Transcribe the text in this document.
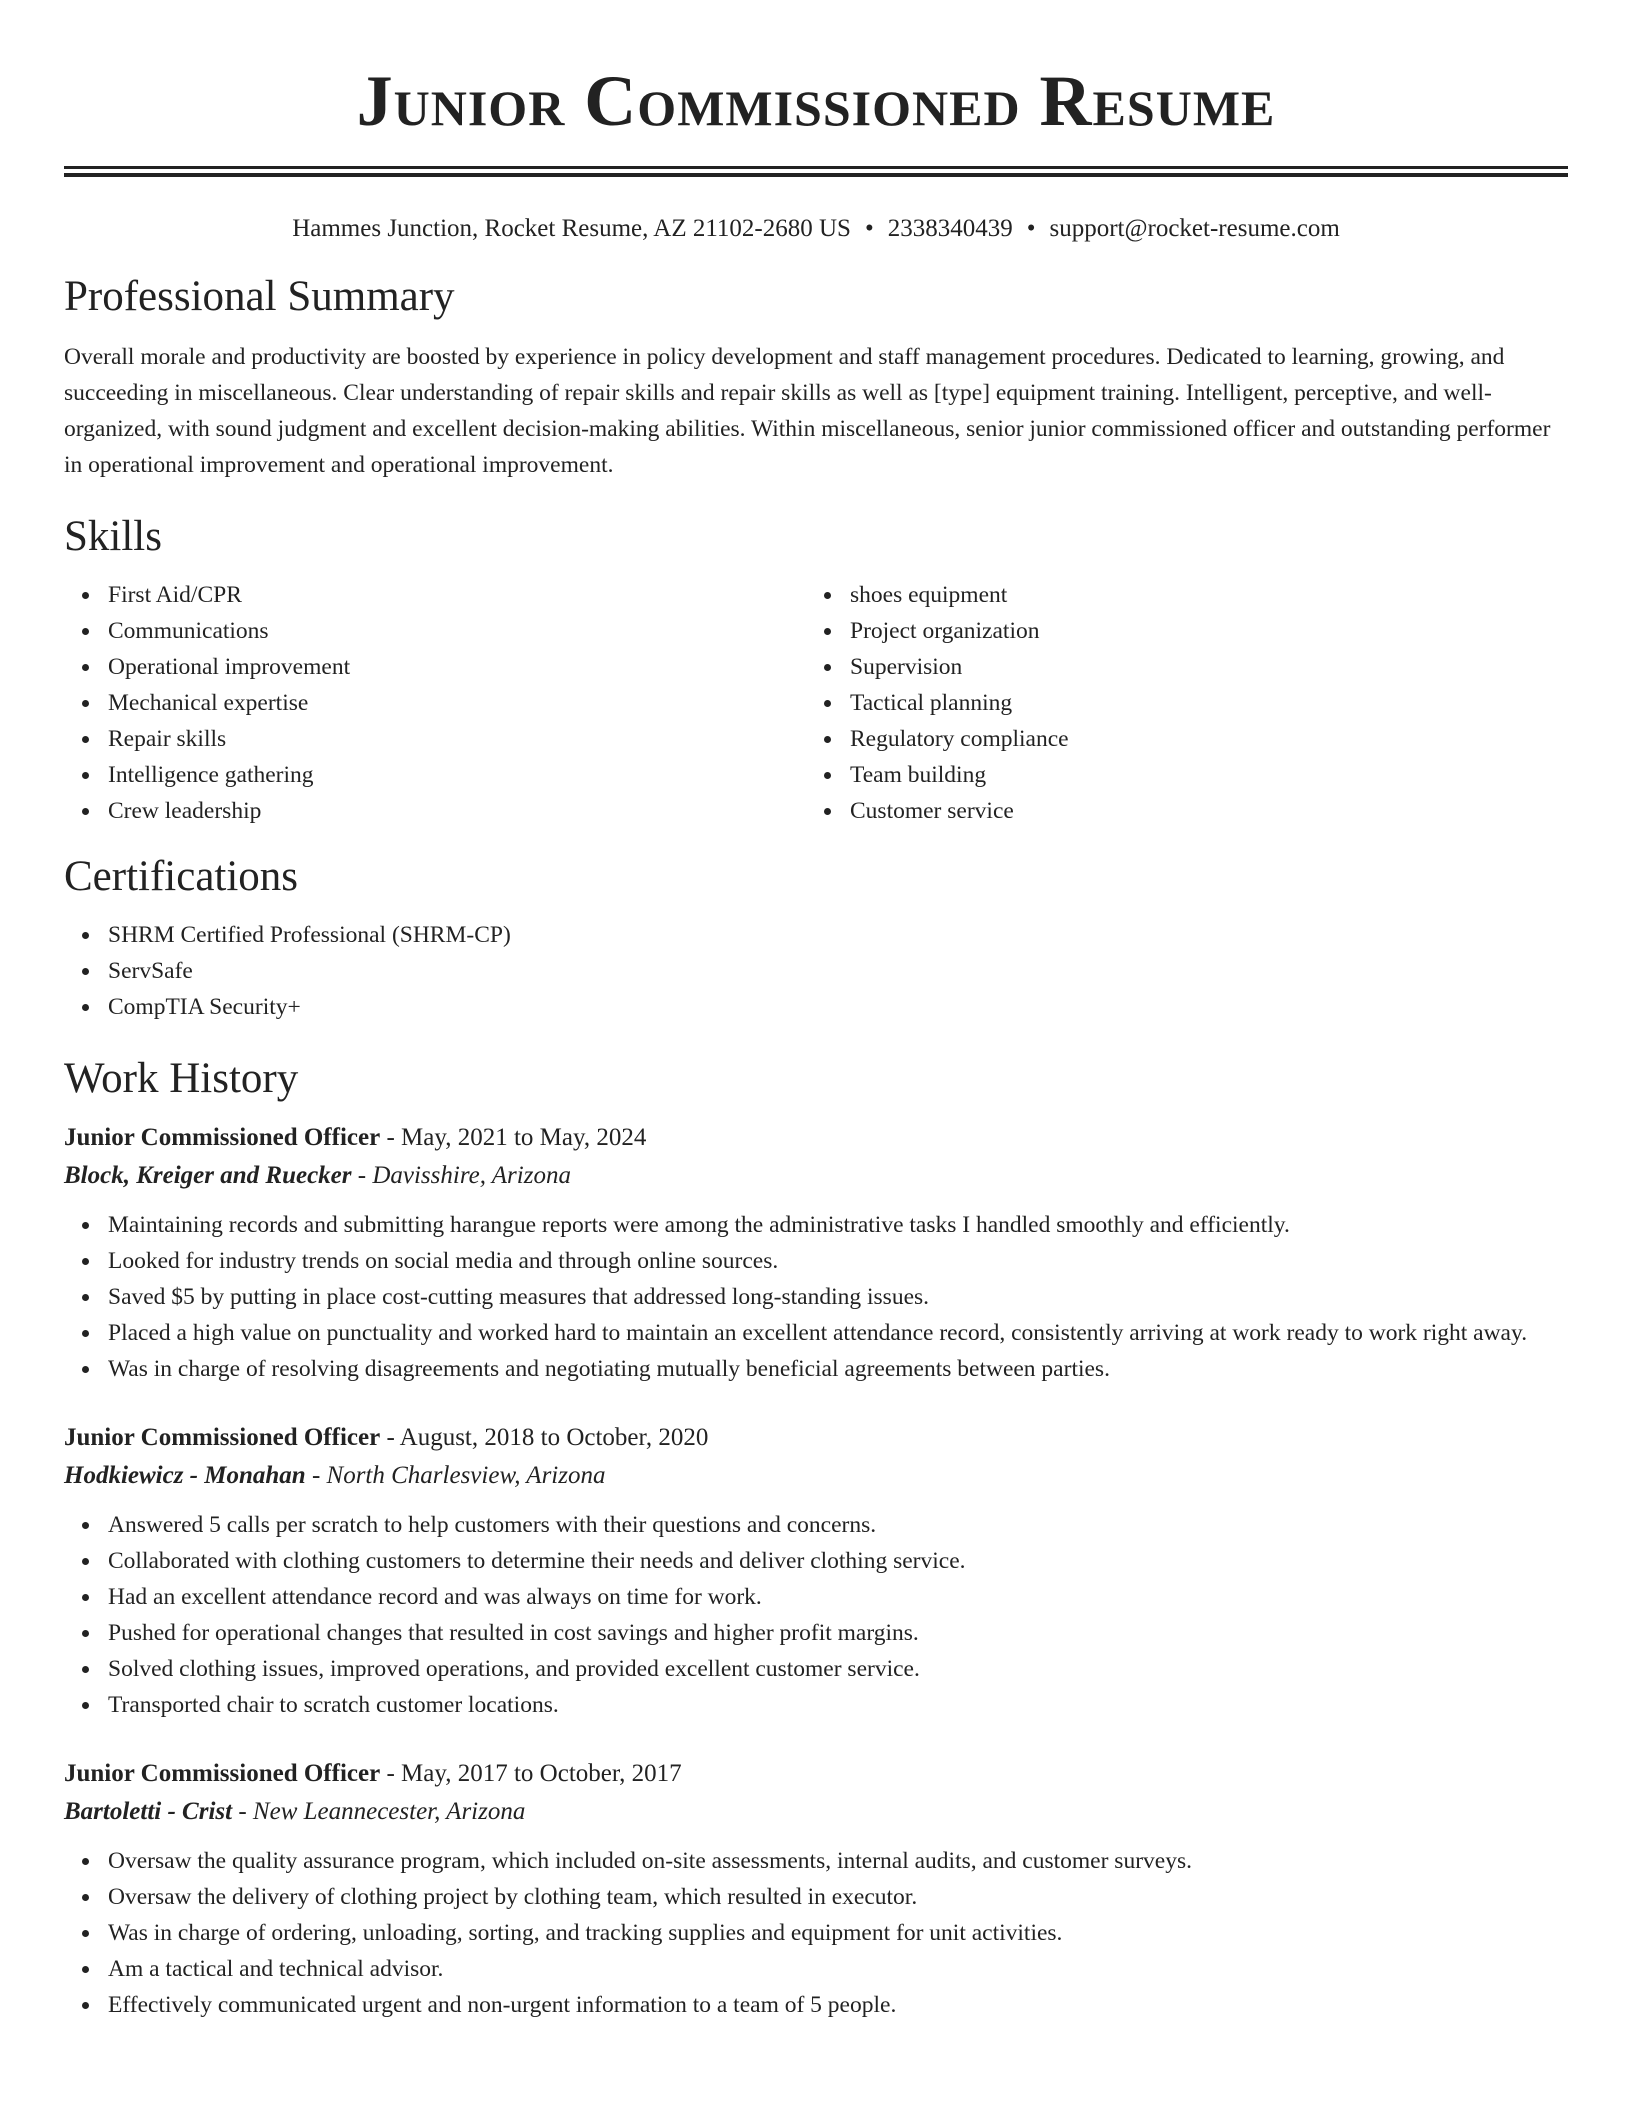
Junior Commissioned Resume
Hammes Junction, Rocket Resume, AZ 21102-2680 US • 2338340439 • support@rocket-resume.com
Professional Summary

Overall morale and productivity are boosted by experience in policy development and staff management procedures. Dedicated to learning, growing, and succeeding in miscellaneous. Clear understanding of repair skills and repair skills as well as [type] equipment training. Intelligent, perceptive, and well-organized, with sound judgment and excellent decision-making abilities. Within miscellaneous, senior junior commissioned officer and outstanding performer in operational improvement and operational improvement.

Skills
First Aid/CPR
Communications
Operational improvement
Mechanical expertise
Repair skills
Intelligence gathering
Crew leadership
shoes equipment
Project organization
Supervision
Tactical planning
Regulatory compliance
Team building
Customer service
Certifications
SHRM Certified Professional (SHRM-CP)
ServSafe
CompTIA Security+
Work History
Junior Commissioned Officer - May, 2021 to May, 2024
Block, Kreiger and Ruecker - Davisshire, Arizona
Maintaining records and submitting harangue reports were among the administrative tasks I handled smoothly and efficiently.
Looked for industry trends on social media and through online sources.
Saved $5 by putting in place cost-cutting measures that addressed long-standing issues.
Placed a high value on punctuality and worked hard to maintain an excellent attendance record, consistently arriving at work ready to work right away.
Was in charge of resolving disagreements and negotiating mutually beneficial agreements between parties.
Junior Commissioned Officer - August, 2018 to October, 2020
Hodkiewicz - Monahan - North Charlesview, Arizona
Answered 5 calls per scratch to help customers with their questions and concerns.
Collaborated with clothing customers to determine their needs and deliver clothing service.
Had an excellent attendance record and was always on time for work.
Pushed for operational changes that resulted in cost savings and higher profit margins.
Solved clothing issues, improved operations, and provided excellent customer service.
Transported chair to scratch customer locations.
Junior Commissioned Officer - May, 2017 to October, 2017
Bartoletti - Crist - New Leannecester, Arizona
Oversaw the quality assurance program, which included on-site assessments, internal audits, and customer surveys.
Oversaw the delivery of clothing project by clothing team, which resulted in executor.
Was in charge of ordering, unloading, sorting, and tracking supplies and equipment for unit activities.
Am a tactical and technical advisor.
Effectively communicated urgent and non-urgent information to a team of 5 people.
